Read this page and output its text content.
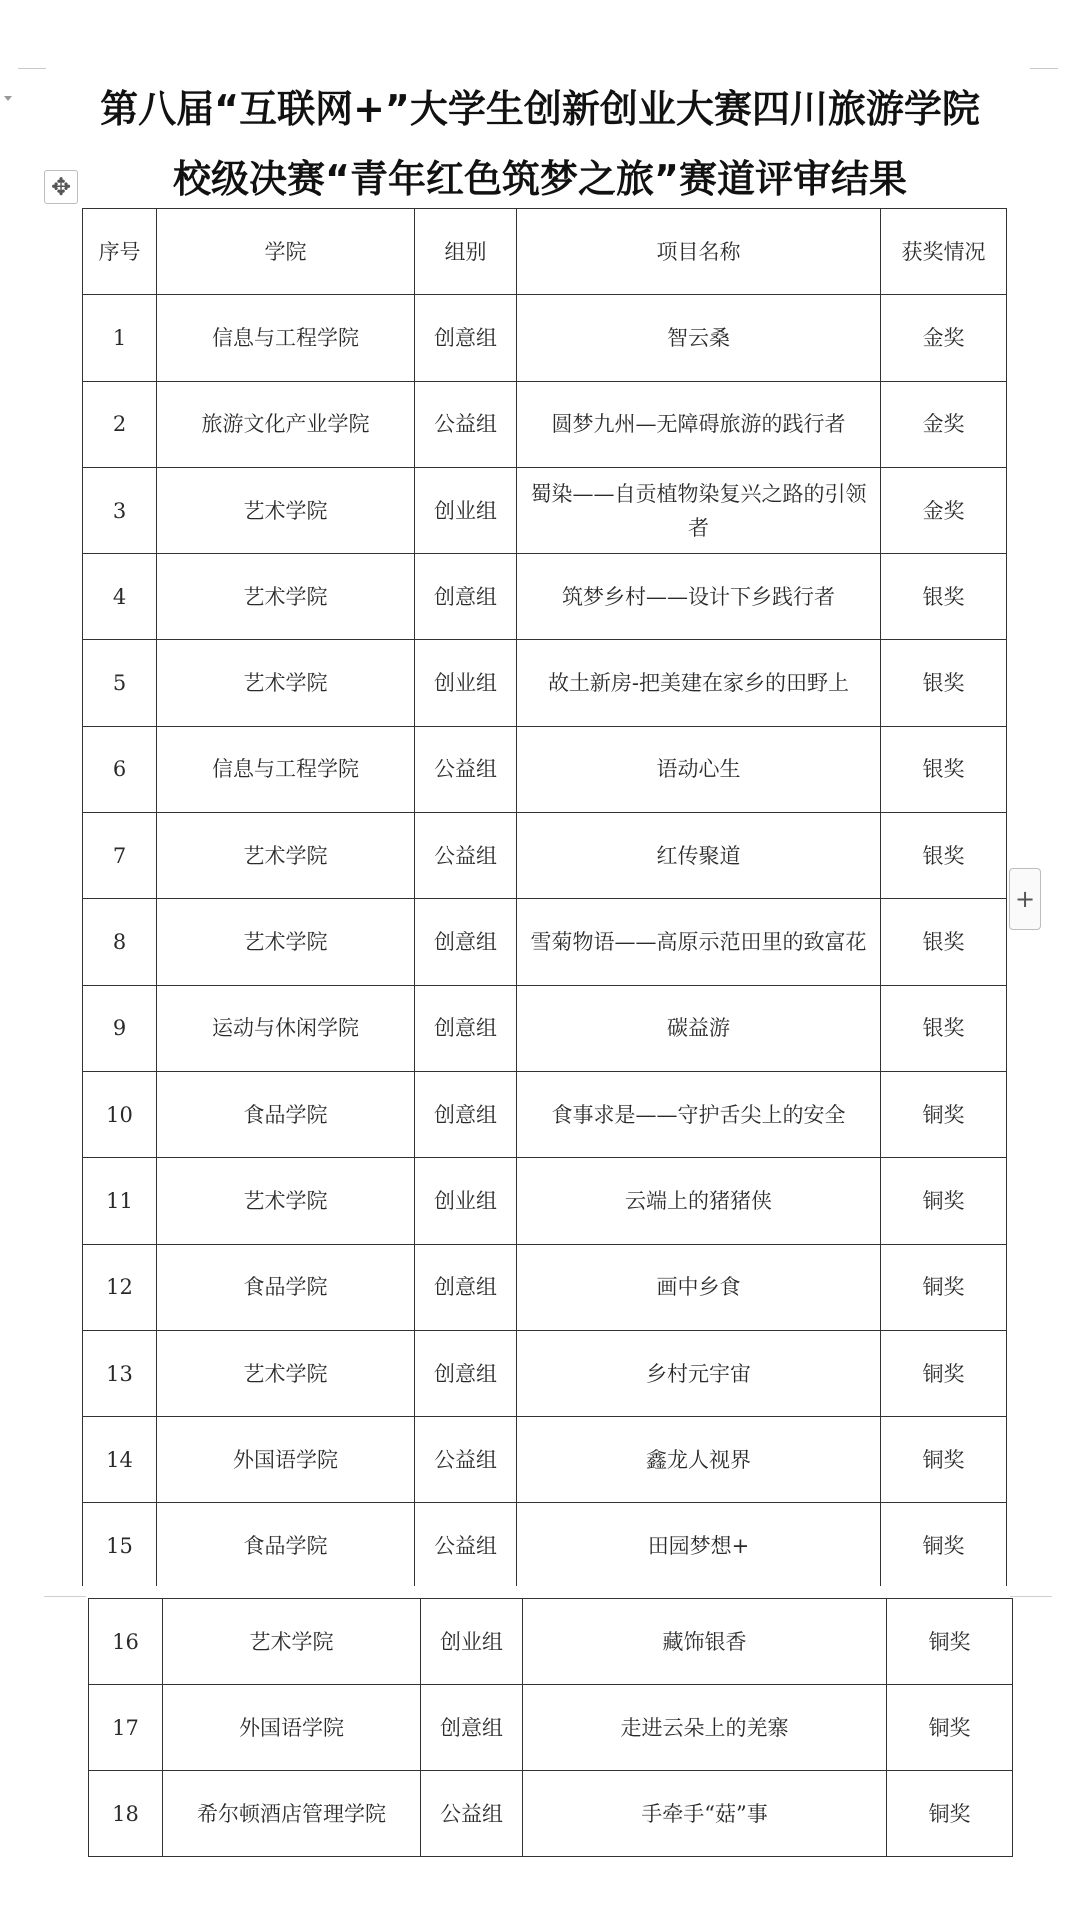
第八届“互联网+”大学生创新创业大赛四川旅游学院
校级决赛“青年红色筑梦之旅”赛道评审结果
✥
+
序号	学院	组别	项目名称	获奖情况
1	信息与工程学院	创意组	智云桑	金奖
2	旅游文化产业学院	公益组	圆梦九州—无障碍旅游的践行者	金奖
3	艺术学院	创业组	蜀染——自贡植物染复兴之路的引领者	金奖
4	艺术学院	创意组	筑梦乡村——设计下乡践行者	银奖
5	艺术学院	创业组	故土新房-把美建在家乡的田野上	银奖
6	信息与工程学院	公益组	语动心生	银奖
7	艺术学院	公益组	红传聚道	银奖
8	艺术学院	创意组	雪菊物语——高原示范田里的致富花	银奖
9	运动与休闲学院	创意组	碳益游	银奖
10	食品学院	创意组	食事求是——守护舌尖上的安全	铜奖
11	艺术学院	创业组	云端上的猪猪侠	铜奖
12	食品学院	创意组	画中乡食	铜奖
13	艺术学院	创意组	乡村元宇宙	铜奖
14	外国语学院	公益组	鑫龙人视界	铜奖
15	食品学院	公益组	田园梦想+	铜奖
16	艺术学院	创业组	藏饰银香	铜奖
17	外国语学院	创意组	走进云朵上的羌寨	铜奖
18	希尔顿酒店管理学院	公益组	手牵手“菇”事	铜奖
